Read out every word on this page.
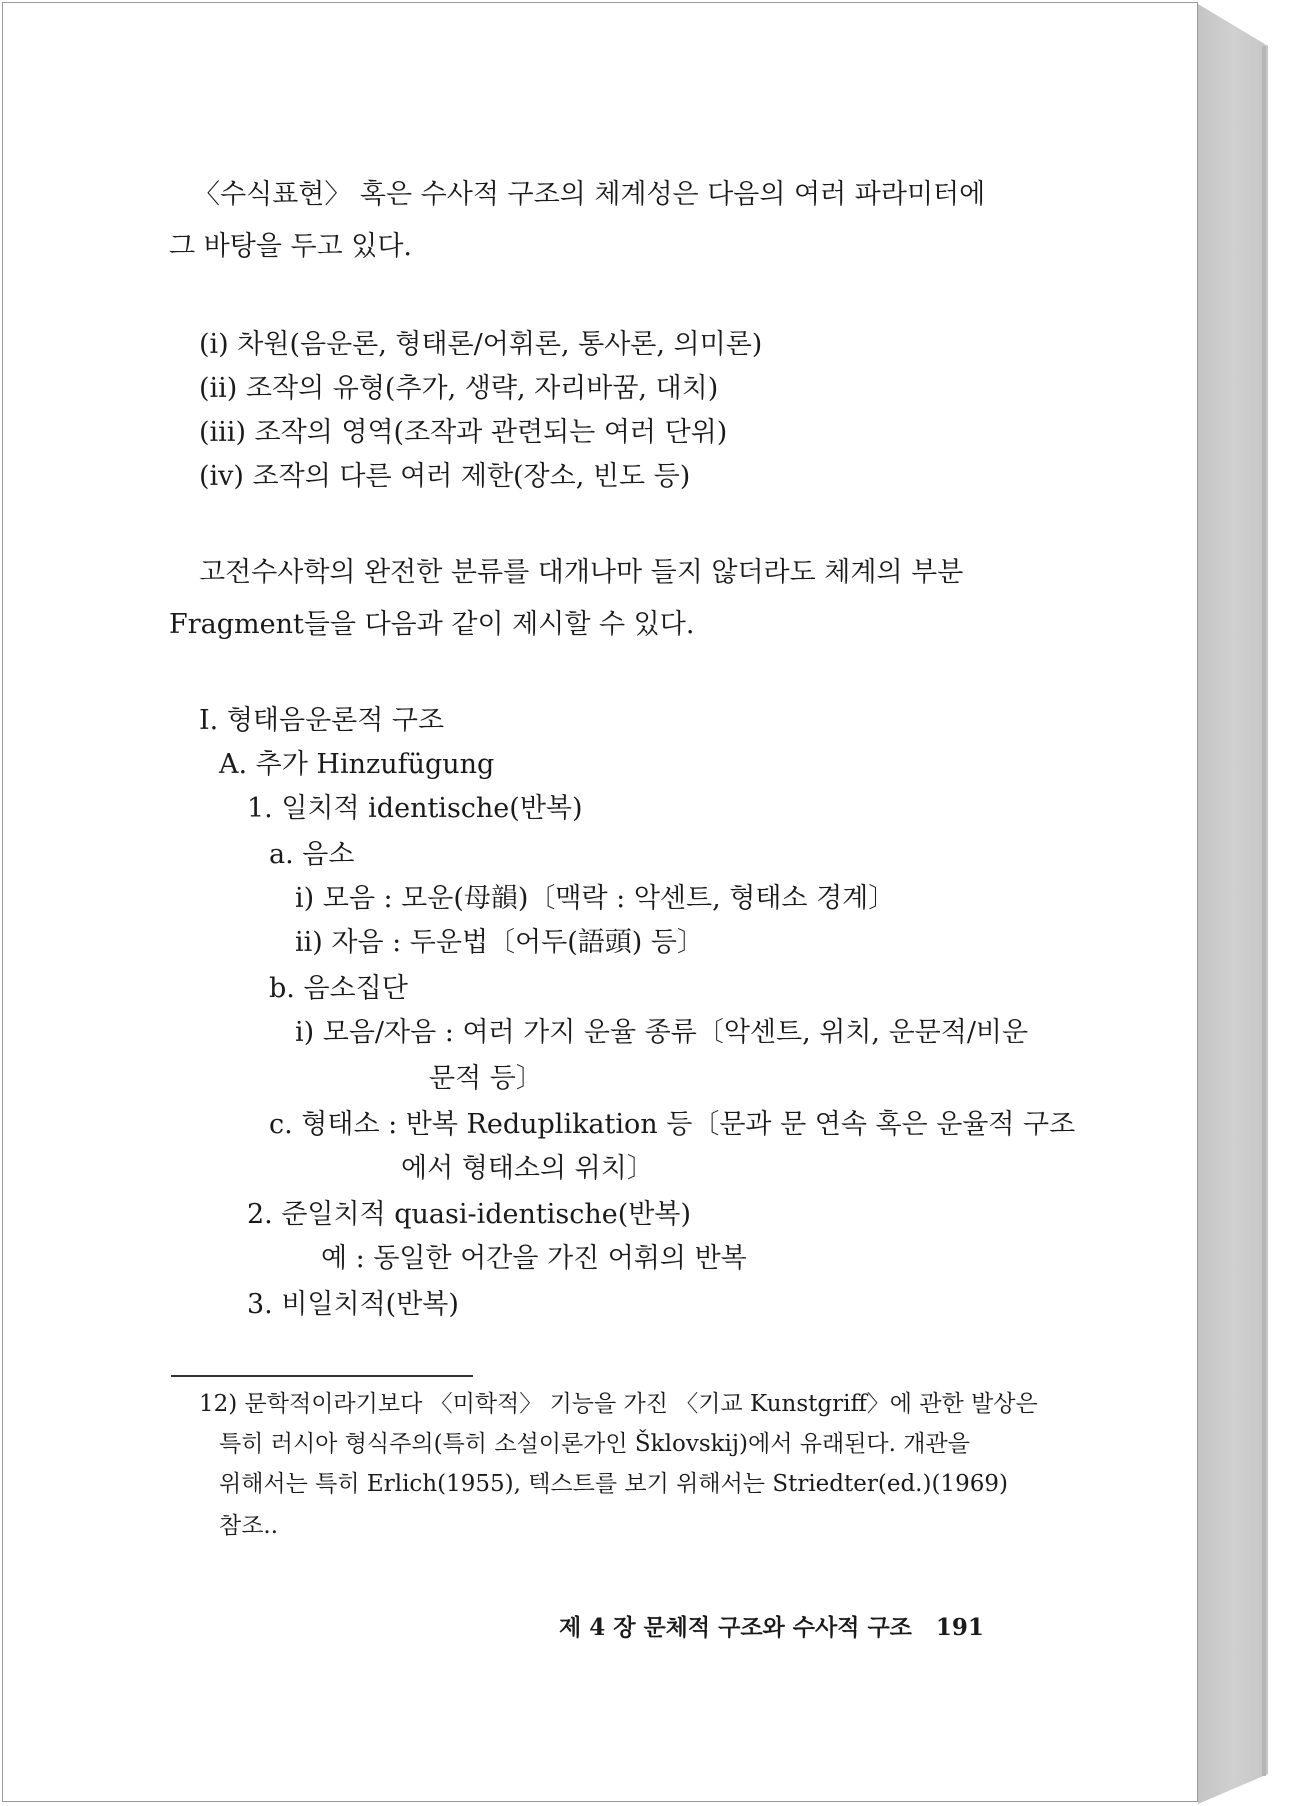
〈수식표현〉 혹은 수사적 구조의 체계성은 다음의 여러 파라미터에
그 바탕을 두고 있다.
(ⅰ) 차원(음운론, 형태론/어휘론, 통사론, 의미론)
(ⅱ) 조작의 유형(추가, 생략, 자리바꿈, 대치)
(ⅲ) 조작의 영역(조작과 관련되는 여러 단위)
(ⅳ) 조작의 다른 여러 제한(장소, 빈도 등)
고전수사학의 완전한 분류를 대개나마 들지 않더라도 체계의 부분
Fragment들을 다음과 같이 제시할 수 있다.
Ⅰ. 형태음운론적 구조
A. 추가 Hinzufügung
1. 일치적 identische(반복)
a. 음소
i) 모음 : 모운(母韻)〔맥락 : 악센트, 형태소 경계〕
ii) 자음 : 두운법〔어두(語頭) 등〕
b. 음소집단
i) 모음/자음 : 여러 가지 운율 종류〔악센트, 위치, 운문적/비운
문적 등〕
c. 형태소 : 반복 Reduplikation 등〔문과 문 연속 혹은 운율적 구조
에서 형태소의 위치〕
2. 준일치적 quasi-identische(반복)
예 : 동일한 어간을 가진 어휘의 반복
3. 비일치적(반복)
12) 문학적이라기보다 〈미학적〉 기능을 가진 〈기교 Kunstgriff〉에 관한 발상은
특히 러시아 형식주의(특히 소설이론가인 Šklovskij)에서 유래된다. 개관을
위해서는 특히 Erlich(1955), 텍스트를 보기 위해서는 Striedter(ed.)(1969)
참조..
제 4 장 문체적 구조와 수사적 구조 191
